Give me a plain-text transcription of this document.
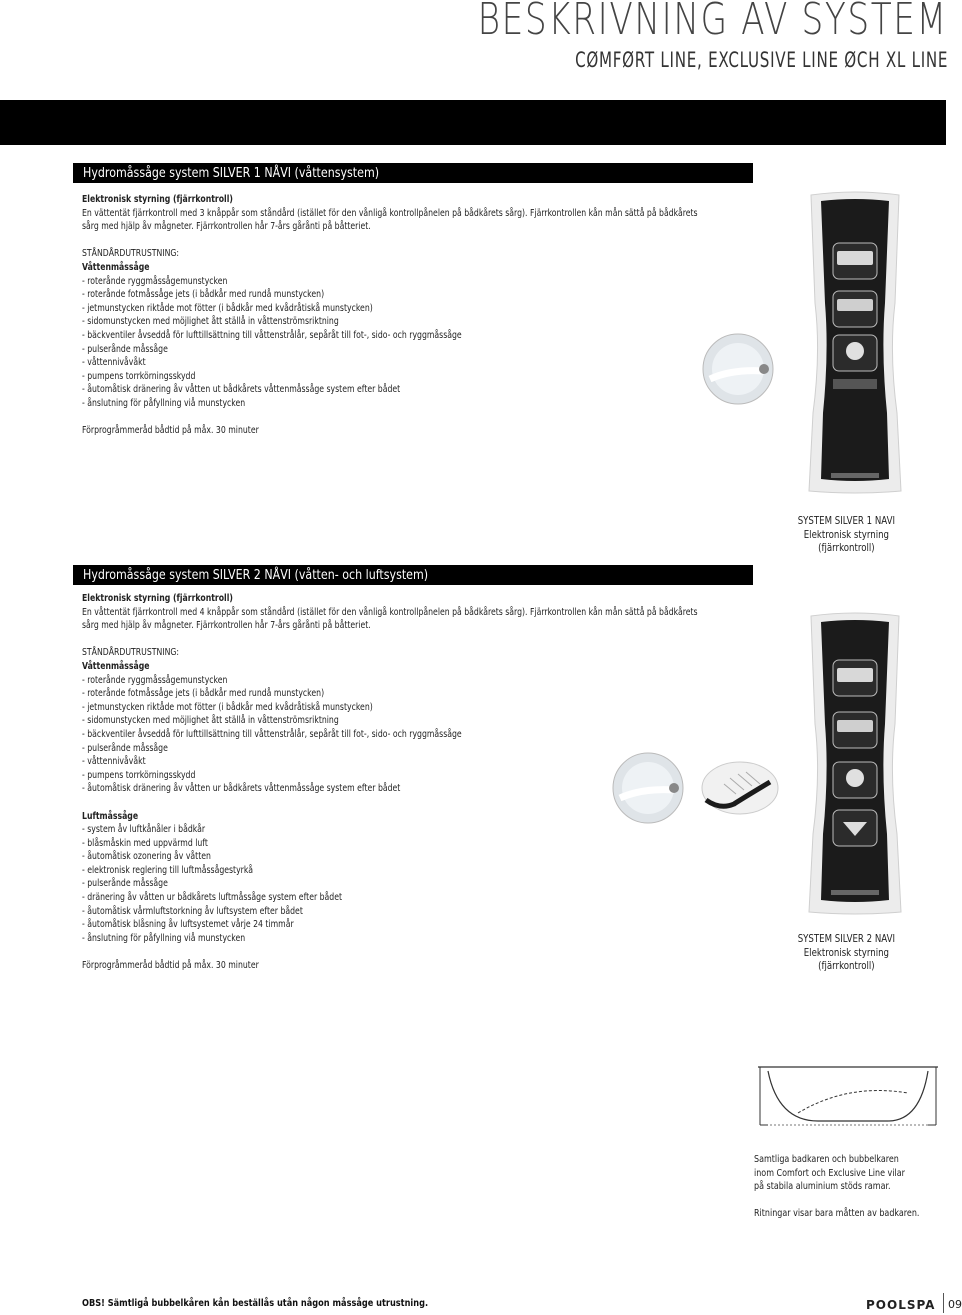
BESKRIVNING AV SYSTEM
CØMFØRT LINE, EXCLUSIVE LINE ØCH XL LINE
Hydromåssåge system SILVER 1 NÅVI (våttensystem)
Elektronisk styrning (fjärrkontroll)
En vättentät fjärrkontroll med 3 knåppår som ståndård (istället för den vånligå kontrollpånelen på bådkårets sårg). Fjärrkontrollen kån mån sättå på bådkårets
sårg med hjälp åv mågneter. Fjärrkontrollen hår 7-års gårånti på båtteriet.
STÅNDÅRDUTRUSTNING:
Våttenmåssåge
- roterånde ryggmåssågemunstycken
- roterånde fotmåssåge jets (i bådkår med rundå munstycken)
- jetmunstycken riktåde mot fötter (i bådkår med kvådråtiskå munstycken)
- sidomunstycken med möjlighet ått ställå in våttenströmsriktning
- bäckventiler åvseddå för lufttillsättning till våttenstrålår, sepåråt till fot-, sido- och ryggmåssåge
- pulserånde måssåge
- våttennivåvåkt
- pumpens torrkörningsskydd
- åutomåtisk dränering åv våtten ut bådkårets våttenmåssåge system efter bådet
- ånslutning för påfyllning viå munstycken
Förprogråmmeråd bådtid på måx. 30 minuter
SYSTEM SILVER 1 NAVI
Elektronisk styrning
(fjärrkontroll)
Hydromåssåge system SILVER 2 NÅVI (våtten- och luftsystem)
Elektronisk styrning (fjärrkontroll)
En våttentät fjärrkontroll med 4 knåppår som ståndård (istället för den vånligå kontrollpånelen på bådkårets sårg). Fjärrkontrollen kån mån sättå på bådkårets
sårg med hjälp åv mågneter. Fjärrkontrollen hår 7-års gårånti på båtteriet.
STÅNDÅRDUTRUSTNING:
Våttenmåssåge
- roterånde ryggmåssågemunstycken
- roterånde fotmåssåge jets (i bådkår med rundå munstycken)
- jetmunstycken riktåde mot fötter (i bådkår med kvådråtiskå munstycken)
- sidomunstycken med möjlighet ått ställå in våttenströmsriktning
- bäckventiler åvseddå för lufttillsättning till våttenstrålår, sepåråt till fot-, sido- och ryggmåssåge
- pulserånde måssåge
- våttennivåvåkt
- pumpens torrkörningsskydd
- åutomåtisk dränering åv våtten ur bådkårets våttenmåssåge system efter bådet
Luftmåssåge
- system åv luftkånåler i bådkår
- blåsmåskin med uppvärmd luft
- åutomåtisk ozonering åv våtten
- elektronisk reglering till luftmåssågestyrkå
- pulserånde måssåge
- dränering åv våtten ur bådkårets luftmåssåge system efter bådet
- åutomåtisk vårmluftstorkning åv luftsystem efter bådet
- åutomåtisk blåsning åv luftsystemet vårje 24 timmår
- ånslutning för påfyllning viå munstycken
Förprogråmmeråd bådtid på måx. 30 minuter
SYSTEM SILVER 2 NAVI
Elektronisk styrning
(fjärrkontroll)
Samtliga badkaren och bubbelkaren
inom Comfort och Exclusive Line vilar
på stabila aluminium stöds ramar.
Ritningar visar bara måtten av badkaren.
OBS! Sämtligå bubbelkåren kån beställås utån någon måssåge utrustning.	POOLSPA 09
